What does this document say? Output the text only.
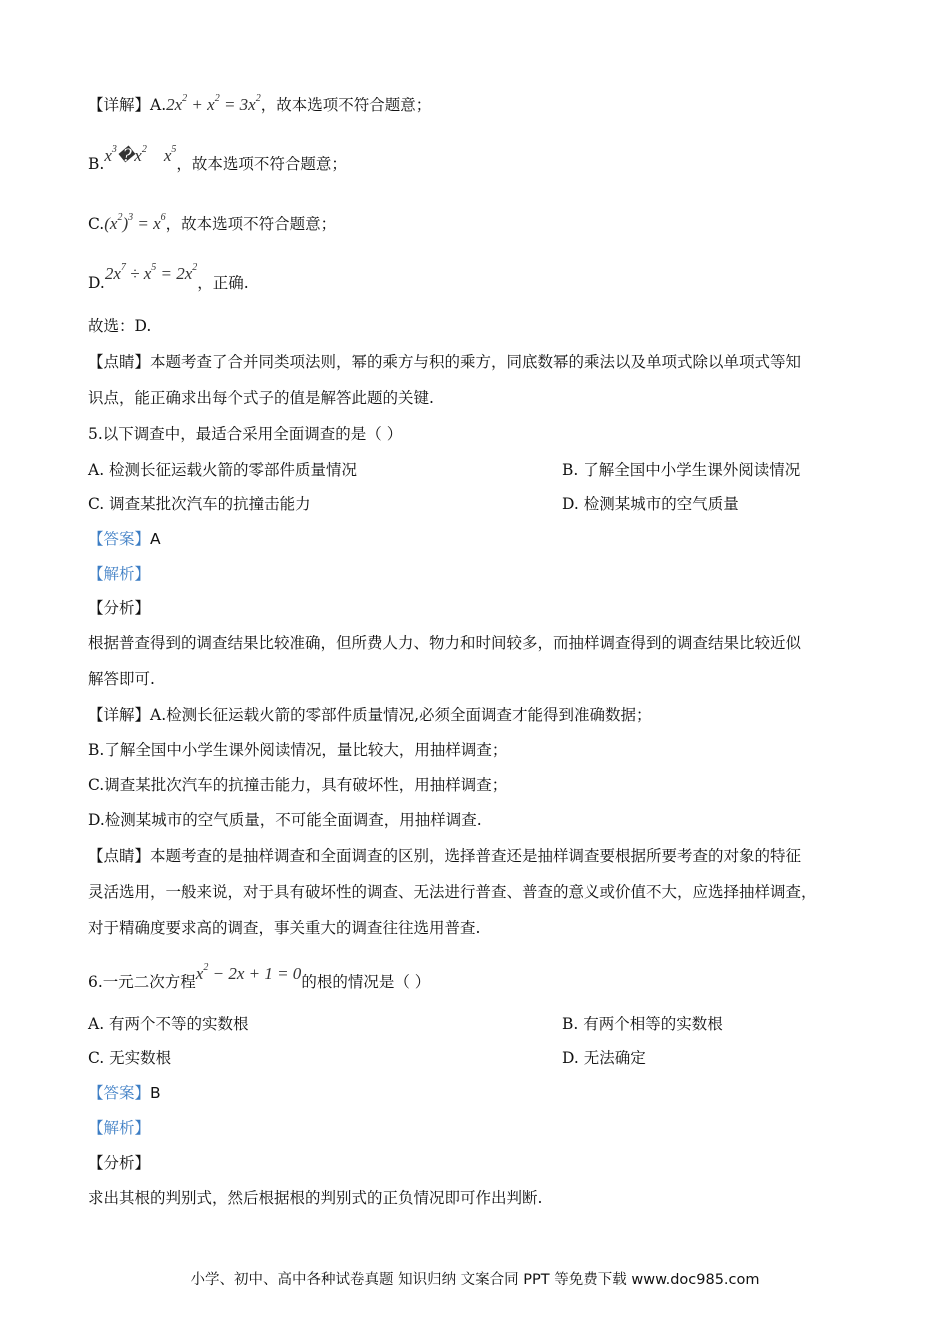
【详解】$A.2x^2 + x^2 = 3x^2$，故本选项不符合题意；
$B.x^3�x^2$    $x^5$，故本选项不符合题意；
$C.(x^2)^3 = x^6$，故本选项不符合题意；
$D.2x^7 \div x^5 = 2x^2$，正确.
故选：D.
【点睛】本题考查了合并同类项法则，幂的乘方与积的乘方，同底数幂的乘法以及单项式除以单项式等知
识点，能正确求出每个式子的值是解答此题的关键.
5.以下调查中，最适合采用全面调查的是（ ）
A. 检测长征运载火箭的零部件质量情况	B. 了解全国中小学生课外阅读情况
C. 调查某批次汽车的抗撞击能力	D. 检测某城市的空气质量
【答案】A
【解析】
【分析】
根据普查得到的调查结果比较准确，但所费人力、物力和时间较多，而抽样调查得到的调查结果比较近似
解答即可.
【详解】A.检测长征运载火箭的零部件质量情况,必须全面调查才能得到准确数据；
B.了解全国中小学生课外阅读情况，量比较大，用抽样调查；
C.调查某批次汽车的抗撞击能力，具有破坏性，用抽样调查；
D.检测某城市的空气质量，不可能全面调查，用抽样调查.
【点睛】本题考查的是抽样调查和全面调查的区别，选择普查还是抽样调查要根据所要考查的对象的特征
灵活选用，一般来说，对于具有破坏性的调查、无法进行普查、普查的意义或价值不大，应选择抽样调查，
对于精确度要求高的调查，事关重大的调查往往选用普查.
6.一元二次方程$x^2 - 2x + 1 = 0$的根的情况是（ ）
A. 有两个不等的实数根	B. 有两个相等的实数根
C. 无实数根	D. 无法确定
【答案】B
【解析】
【分析】
求出其根的判别式，然后根据根的判别式的正负情况即可作出判断.
小学、初中、高中各种试卷真题 知识归纳 文案合同 PPT 等免费下载 www.doc985.com
